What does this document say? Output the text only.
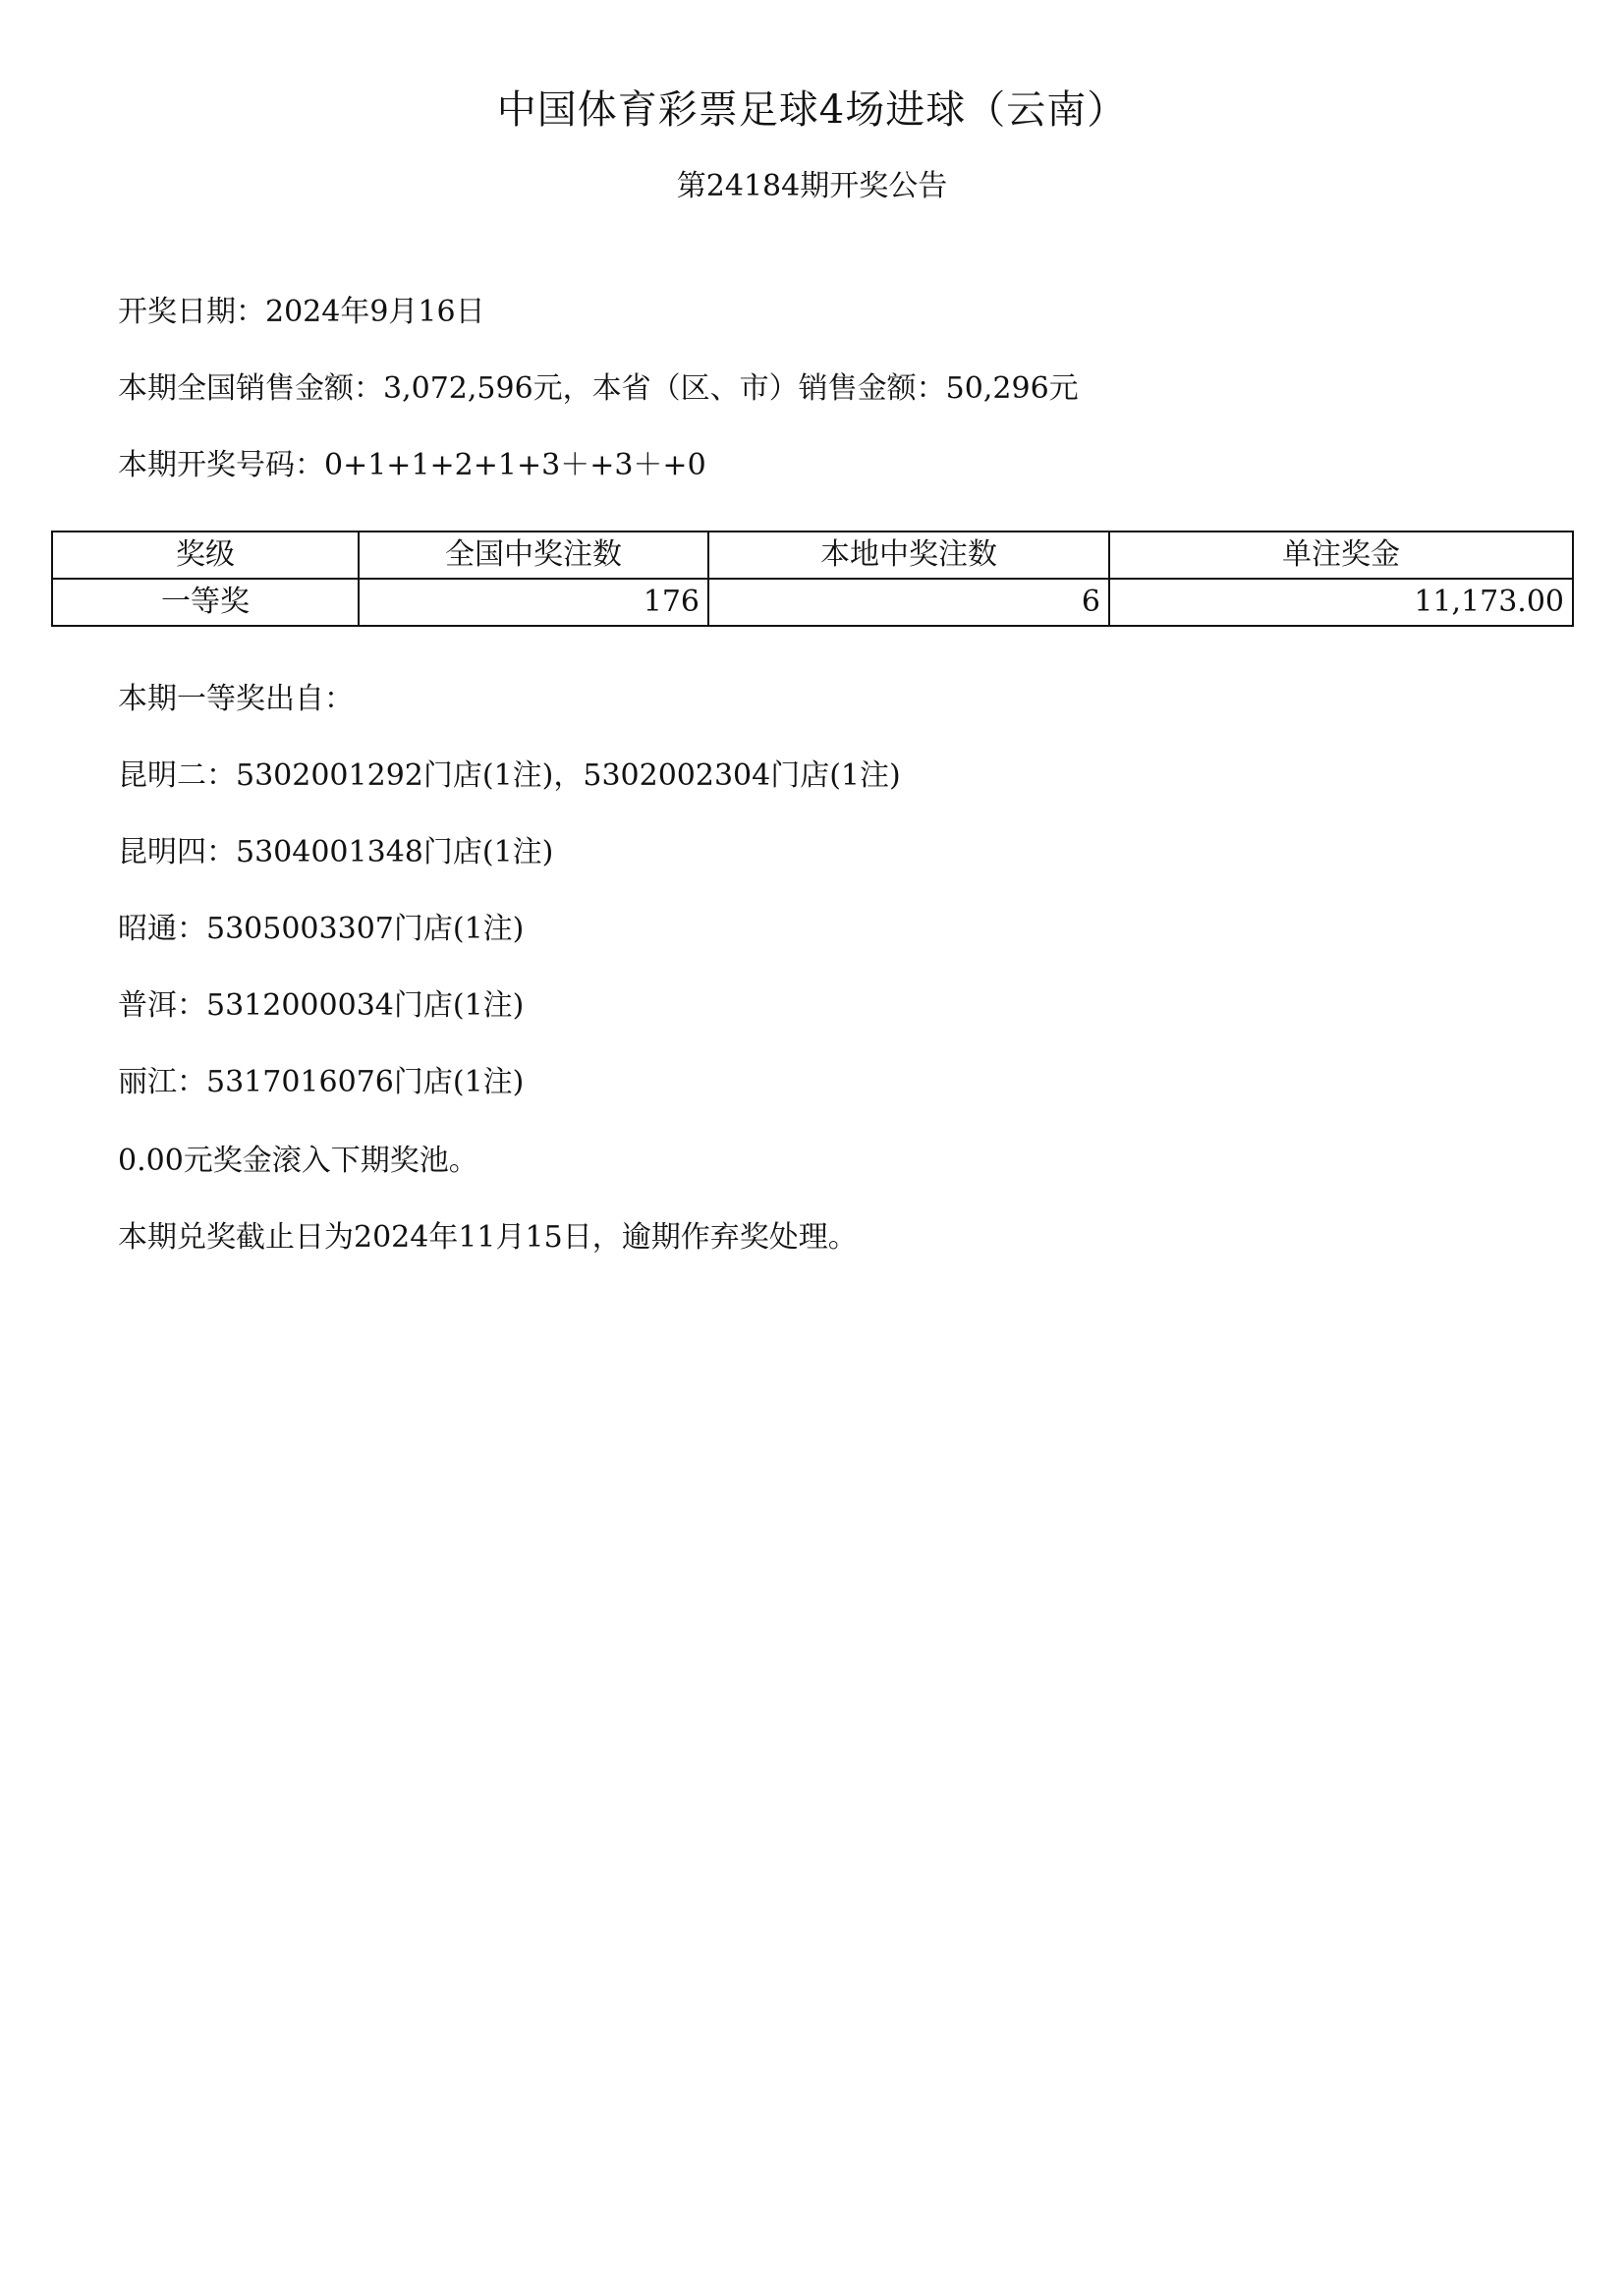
中国体育彩票足球4场进球（云南）
第24184期开奖公告
开奖日期：2024年9月16日
本期全国销售金额：3,072,596元，本省（区、市）销售金额：50,296元
本期开奖号码：0+1+1+2+1+3＋+3＋+0
奖级	全国中奖注数	本地中奖注数	单注奖金
一等奖	176	6	11,173.00
本期一等奖出自：
昆明二：5302001292门店(1注)，5302002304门店(1注)
昆明四：5304001348门店(1注)
昭通：5305003307门店(1注)
普洱：5312000034门店(1注)
丽江：5317016076门店(1注)
0.00元奖金滚入下期奖池。
本期兑奖截止日为2024年11月15日，逾期作弃奖处理。
